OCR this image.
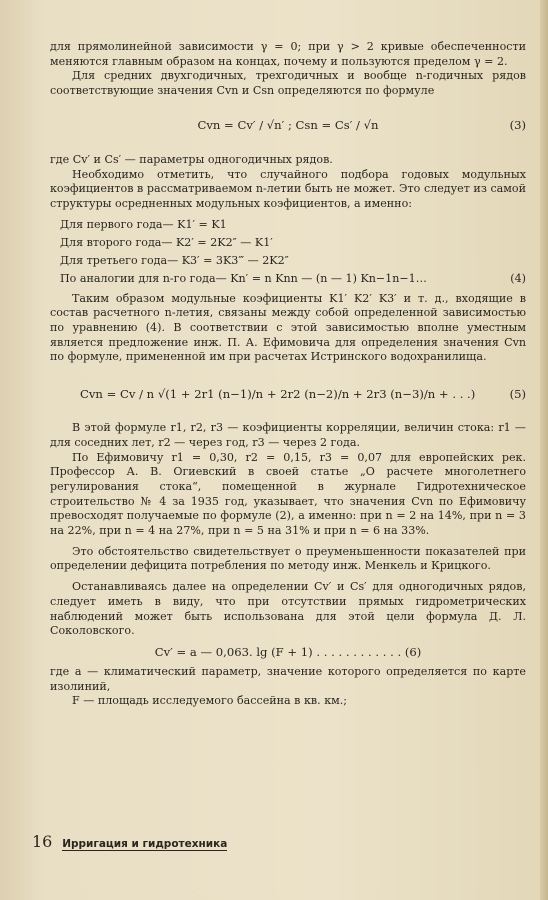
для прямолинейной зависимости γ = 0; при γ > 2 кривые обеспеченности меняются главным образом на концах, почему и пользуются пределом γ = 2.

Для средних двухгодичных, трехгодичных и вообще n-годичных рядов соответствующие значения Cvn и Csn определяются по формуле

Cvn = Cv′ / √n′ ; Csn = Cs′ / √n	(3)

где Cv′ и Cs′ — параметры одногодичных рядов.

Необходимо отметить, что случайного подбора годовых модульных коэфициентов в рассматриваемом n-летии быть не может. Это следует из самой структуры осредненных модульных коэфициентов, а именно:

Для первого года— K1′ = K1

Для второго года— K2′ = 2K2″ — K1′

Для третьего года— K3′ = 3K3‴ — 2K2″

По аналогии для n-го года— Kn′ = n Knn — (n — 1) Kn−1n−1…	(4)

Таким образом модульные коэфициенты K1′ K2′ K3′ и т. д., входящие в состав расчетного n-летия, связаны между собой определенной зависимостью по уравнению (4). В соответствии с этой зависимостью вполне уместным является предложение инж. П. А. Ефимовича для определения значения Cvn по формуле, примененной им при расчетах Истринского водохранилища.

Cvn = Cv / n √(1 + 2r1 (n−1)/n + 2r2 (n−2)/n + 2r3 (n−3)/n + . . .)	(5)

В этой формуле r1, r2, r3 — коэфициенты корреляции, величин стока: r1 — для соседних лет, r2 — через год, r3 — через 2 года.

По Ефимовичу r1 = 0,30, r2 = 0,15, r3 = 0,07 для европейских рек. Профессор А. В. Огиевский в своей статье „О расчете многолетнего регулирования стока“, помещенной в журнале Гидротехническое строительство № 4 за 1935 год, указывает, что значения Cvn по Ефимовичу превосходят получаемые по формуле (2), а именно: при n = 2 на 14%, при n = 3 на 22%, при n = 4 на 27%, при n = 5 на 31% и при n = 6 на 33%.

Это обстоятельство свидетельствует о преуменьшенности показателей при определении дефицита потребления по методу инж. Менкель и Крицкого.

Останавливаясь далее на определении Cv′ и Cs′ для одногодичных рядов, следует иметь в виду, что при отсутствии прямых гидрометрических наблюдений может быть использована для этой цели формула Д. Л. Соколовского.

Cv′ = a — 0,063. lg (F + 1) . . . . . . . . . . . . (6)

где a — климатический параметр, значение которого определяется по карте изолиний,

F — площадь исследуемого бассейна в кв. км.;

16 Ирригация и гидротехника
